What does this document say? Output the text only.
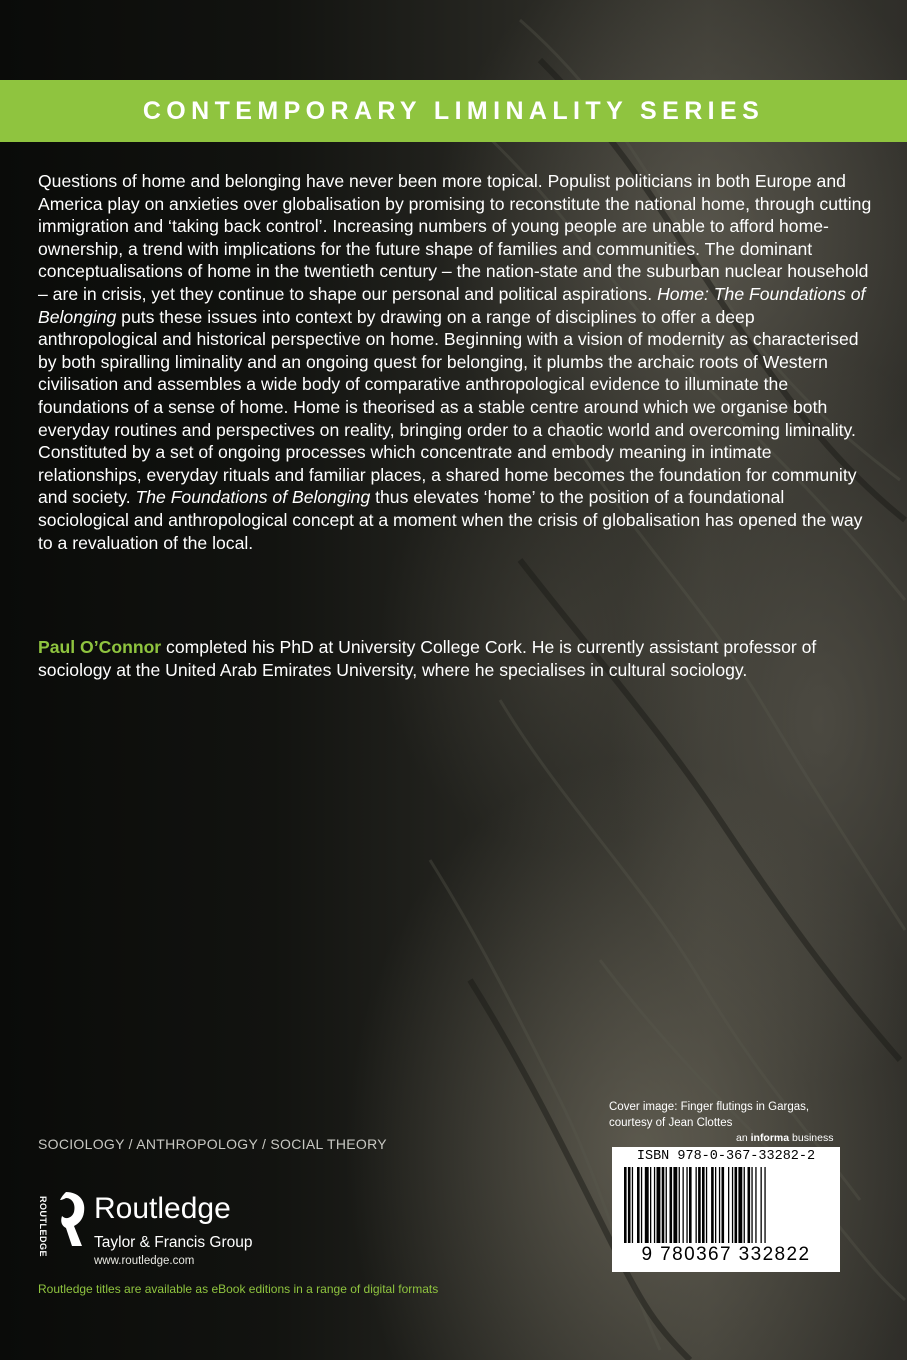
CONTEMPORARY LIMINALITY SERIES

Questions of home and belonging have never been more topical. Populist politicians in both Europe and America play on anxieties over globalisation by promising to reconstitute the national home, through cutting immigration and ‘taking back control’. Increasing numbers of young people are unable to afford home-ownership, a trend with implications for the future shape of families and communities. The dominant conceptualisations of home in the twentieth century – the nation-state and the suburban nuclear household – are in crisis, yet they continue to shape our personal and political aspirations. Home: The Foundations of Belonging puts these issues into context by drawing on a range of disciplines to offer a deep anthropological and historical perspective on home. Beginning with a vision of modernity as characterised by both spiralling liminality and an ongoing quest for belonging, it plumbs the archaic roots of Western civilisation and assembles a wide body of comparative anthropological evidence to illuminate the foundations of a sense of home. Home is theorised as a stable centre around which we organise both everyday routines and perspectives on reality, bringing order to a chaotic world and overcoming liminality. Constituted by a set of ongoing processes which concentrate and embody meaning in intimate relationships, everyday rituals and familiar places, a shared home becomes the foundation for community and society. The Foundations of Belonging thus elevates ‘home’ to the position of a foundational sociological and anthropological concept at a moment when the crisis of globalisation has opened the way to a revaluation of the local.

Paul O’Connor completed his PhD at University College Cork. He is currently assistant professor of sociology at the United Arab Emirates University, where he specialises in cultural sociology.

SOCIOLOGY / ANTHROPOLOGY / SOCIAL THEORY
ROUTLEDGE Routledge
Taylor & Francis Group
www.routledge.com
Routledge titles are available as eBook editions in a range of digital formats

Cover image: Finger flutings in Gargas,
courtesy of Jean Clottes

an informa business
ISBN 978-0-367-33282-2
9 780367 332822
